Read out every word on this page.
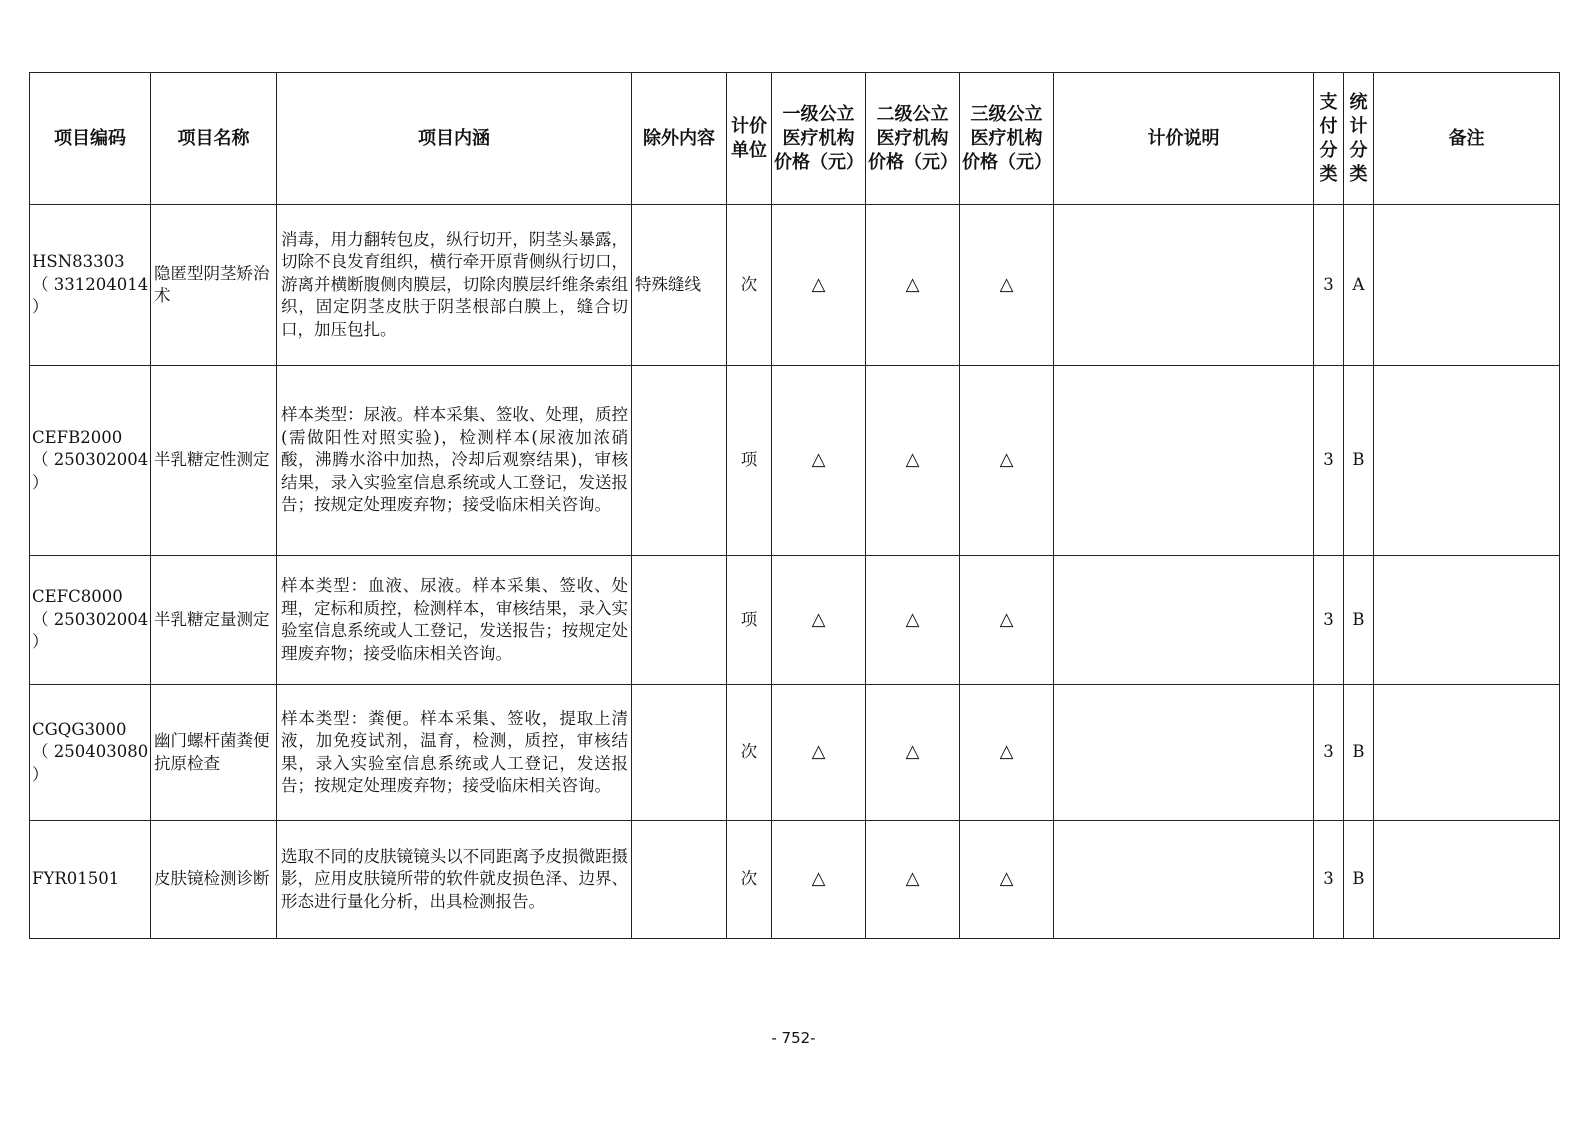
项目编码	项目名称	项目内涵	除外内容	计价单位	一级公立医疗机构价格（元）	二级公立医疗机构价格（元）	三级公立医疗机构价格（元）	计价说明	支付分类	统计分类	备注

HSN83303
（ 331204014 ）	隐匿型阴茎矫治术	消毒，用力翻转包皮，纵行切开，阴茎头暴露，切除不良发育组织，横行牵开原背侧纵行切口，游离并横断腹侧肉膜层，切除肉膜层纤维条索组织，固定阴茎皮肤于阴茎根部白膜上，缝合切口，加压包扎。	特殊缝线	次	△	△	△		3	A	

CEFB2000
（ 250302004 ）	半乳糖定性测定	样本类型：尿液。样本采集、签收、处理，质控(需做阳性对照实验)，检测样本(尿液加浓硝酸，沸腾水浴中加热，冷却后观察结果)，审核结果，录入实验室信息系统或人工登记，发送报告；按规定处理废弃物；接受临床相关咨询。		项	△	△	△		3	B	

CEFC8000
（ 250302004 ）	半乳糖定量测定	样本类型：血液、尿液。样本采集、签收、处理，定标和质控，检测样本，审核结果，录入实验室信息系统或人工登记，发送报告；按规定处理废弃物；接受临床相关咨询。		项	△	△	△		3	B	

CGQG3000
（ 250403080 ）	幽门螺杆菌粪便抗原检查	样本类型：粪便。样本采集、签收，提取上清液，加免疫试剂，温育，检测，质控，审核结果，录入实验室信息系统或人工登记，发送报告；按规定处理废弃物；接受临床相关咨询。		次	△	△	△		3	B	

FYR01501	皮肤镜检测诊断	选取不同的皮肤镜镜头以不同距离予皮损微距摄影，应用皮肤镜所带的软件就皮损色泽、边界、形态进行量化分析，出具检测报告。		次	△	△	△		3	B	
- 752-
